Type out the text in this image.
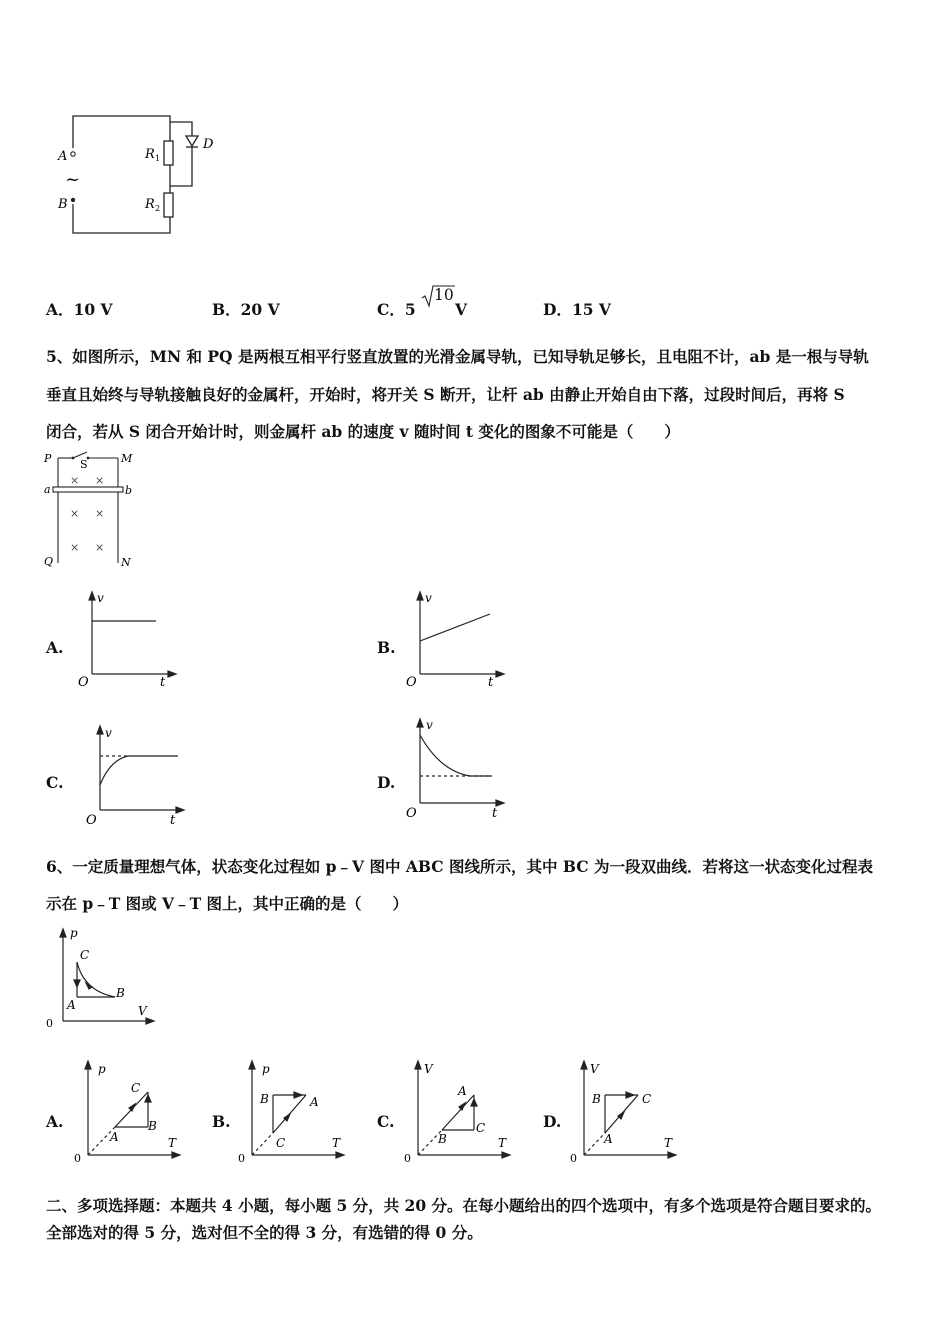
A
B
~
R 1
R 2
D
A．10 V	B．20 V	C．5
10
V	D．15 V
5、如图所示，MN 和 PQ 是两根互相平行竖直放置的光滑金属导轨，已知导轨足够长，且电阻不计，ab 是一根与导轨
垂直且始终与导轨接触良好的金属杆，开始时，将开关 S 断开，让杆 ab 由静止开始自由下落，过段时间后，再将 S
闭合，若从 S 闭合开始计时，则金属杆 ab 的速度 v 随时间 t 变化的图象不可能是（　　）
P	S	M
a	b
Q	N
× ×
× ×
× ×
A.
v
O	t
B.
v
O	t
C.
v
O	t
D.
v
O	t
6、一定质量理想气体，状态变化过程如 p﹣V 图中 ABC 图线所示，其中 BC 为一段双曲线．若将这一状态变化过程表
示在 p﹣T 图或 V﹣T 图上，其中正确的是（　　）
p
0
V
C
A
B
A.
p
0
T
C
B
A
B.
p
0
T
B	A
C
C.
V
0
T
A
B
C	D.
V
0
T
B	C
A
二、多项选择题：本题共 4 小题，每小题 5 分，共 20 分。在每小题给出的四个选项中，有多个选项是符合题目要求的。
全部选对的得 5 分，选对但不全的得 3 分，有选错的得 0 分。
